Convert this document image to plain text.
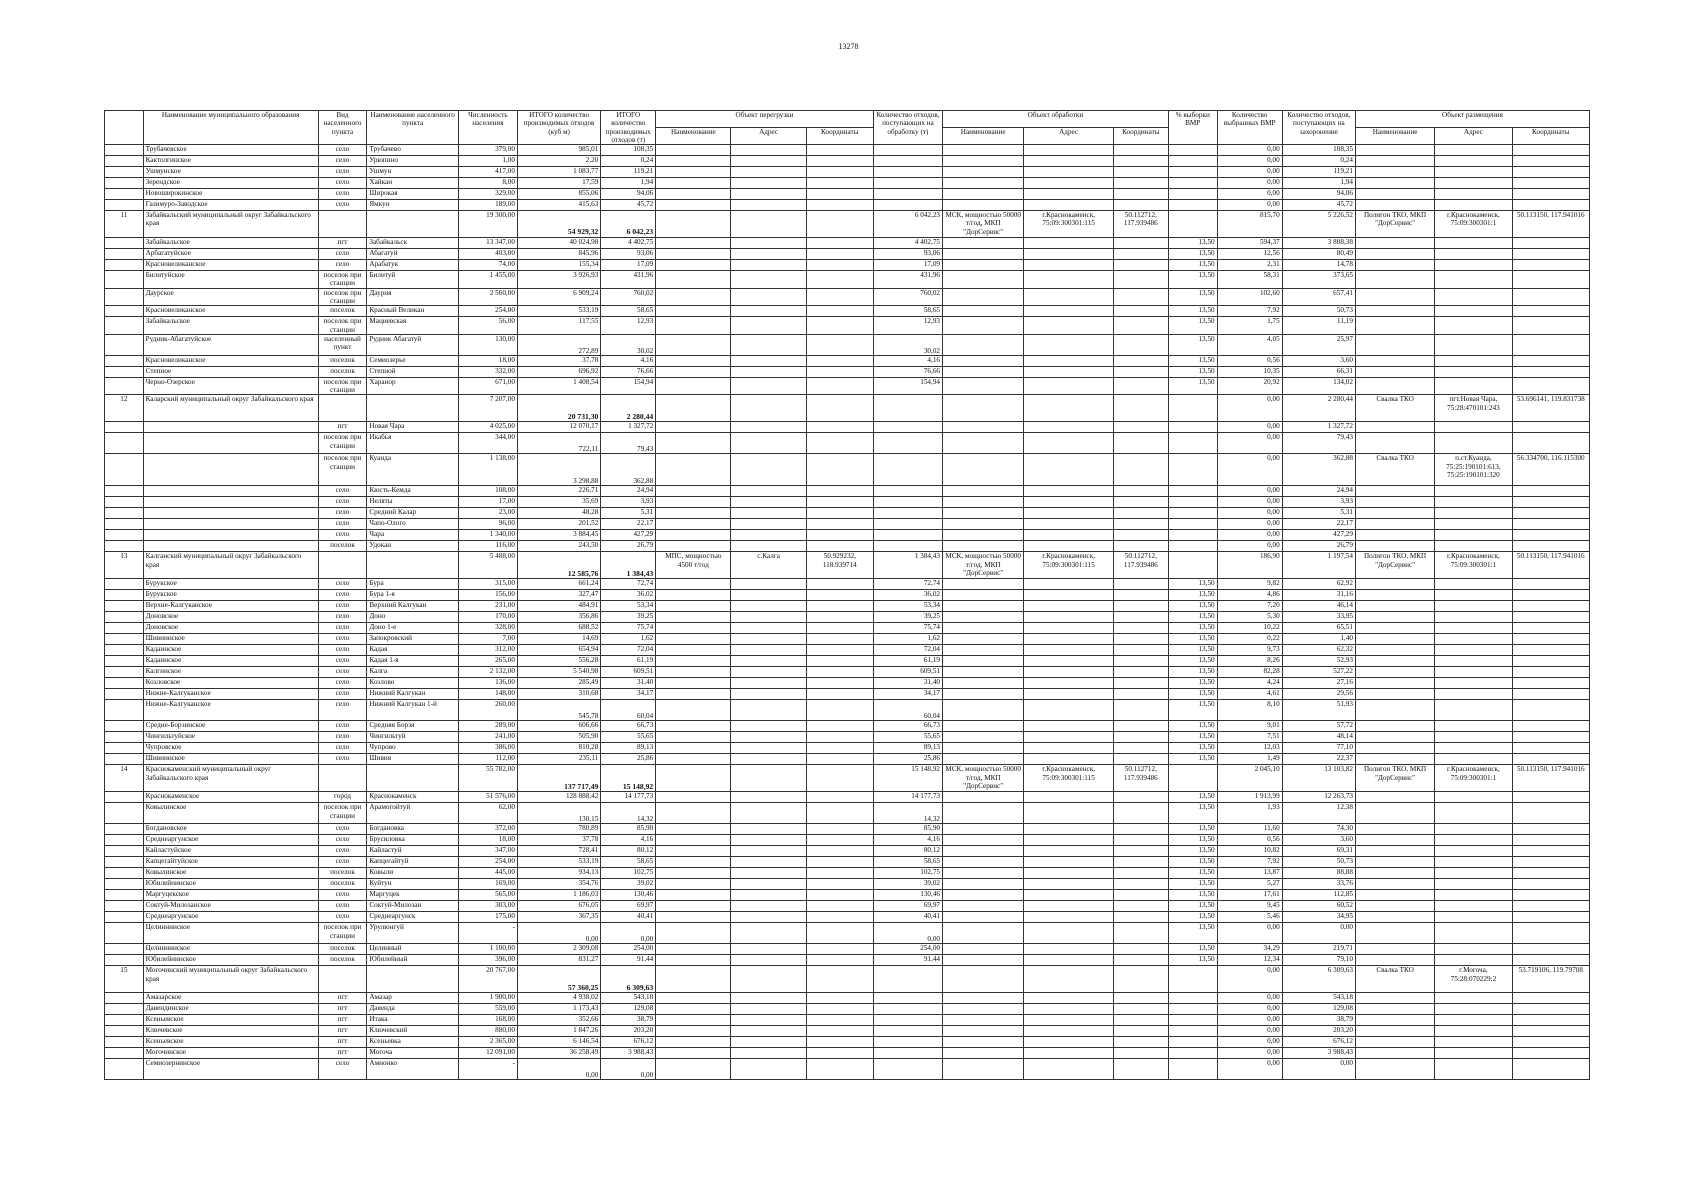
13278
	Наименование муниципального образования	Вид населенного пункта	Наименование населенного пункта	Численность населения	ИТОГО количество производимых отходов (куб м)	ИТОГО количество производимых отходов (т)	Объект перегрузки			Количество отходов, поступающих на обработку (т)	Объект обработки			% выборки ВМР	Количество выбранных ВМР	Количество отходов, поступающих на захоронение	Объект размещения		
							Наименование	Адрес	Координаты		Наименование	Адрес	Координаты				Наименование	Адрес	Координаты
	Трубачевское	село	Трубачево	379,00	985,01	108,35									0,00	108,35			
	Кактолгинское	село	Урюпино	1,00	2,20	0,24									0,00	0,24			
	Ушмунское	село	Ушмун	417,00	1 083,77	119,21									0,00	119,21			
	Зерендское	село	Хайкан	8,00	17,59	1,94									0,00	1,94			
	Новоширокинское	село	Широкая	329,00	855,06	94,06									0,00	94,06			
	Газимуро-Заводское	село	Ямкун	189,00	415,63	45,72									0,00	45,72			
11	Забайкальский муниципальный округ Забайкальского края			19 300,00	54 929,32	6 042,23				6 042,23	МСК, мощностью 50000 т/год, МКП "ДорСервис"	г.Краснокаменск, 75:09:300301:115	50.112712, 117.939486		815,70	5 226,52	Полигон ТКО, МКП "ДорСервис"	г.Краснокаменск, 75:09:300301:1	50.113150, 117.941016
	Забайкальское	пгт	Забайкальск	13 347,00	40 024,98	4 402,75				4 402,75				13,50	594,37	3 808,38			
	Арбагатуйское	село	Абагатуй	403,00	845,96	93,06				93,06				13,50	12,56	80,49			
	Красновеликанское	село	Арабатук	74,00	155,34	17,09				17,09				13,50	2,31	14,78			
	Билитуйское	поселок при станции	Билитуй	1 455,00	3 926,93	431,96				431,96				13,50	58,31	373,65			
	Даурское	поселок при станции	Даурия	2 560,00	6 909,24	760,02				760,02				13,50	102,60	657,41			
	Красновеликанское	поселок	Красный Великан	254,00	533,19	58,65				58,65				13,50	7,92	50,73			
	Забайкальское	поселок при станции	Мациевская	56,00	117,55	12,93				12,93				13,50	1,75	11,19			
	Рудник-Абагатуйское	населенный пункт	Рудник Абагатуй	130,00	272,89	30,02				30,02				13,50	4,05	25,97			
	Красновеликанское	поселок	Семиозерье	18,00	37,78	4,16				4,16				13,50	0,56	3,60			
	Степное	поселок	Степной	332,00	696,92	76,66				76,66				13,50	10,35	66,31			
	Черно-Озерское	поселок при станции	Харанор	671,00	1 408,54	154,94				154,94				13,50	20,92	134,02			
12	Каларский муниципальный округ Забайкальского края			7 207,00	20 731,30	2 280,44									0,00	2 280,44	Свалка ТКО	пгт.Новая Чара, 75:28:470101:243	53.696141, 119.831738
		пгт	Новая Чара	4 025,00	12 070,17	1 327,72									0,00	1 327,72			
		поселок при станции	Икабья	344,00	722,11	79,43									0,00	79,43			
		поселок при станции	Куанда	1 138,00	3 298,88	362,88									0,00	362,88	Свалка ТКО	п.ст.Куанда, 75:25:190101:613, 75:25:190101:320	56.334700, 116.115300
		село	Кюсть-Кемда	108,00	226,71	24,94									0,00	24,94			
		село	Неляты	17,00	35,69	3,93									0,00	3,93			
		село	Средний Калар	23,00	48,28	5,31									0,00	5,31			
		село	Чапо-Олого	96,00	201,52	22,17									0,00	22,17			
		село	Чара	1 340,00	3 884,45	427,29									0,00	427,29			
		поселок	Удокан	116,00	243,50	26,79									0,00	26,79			
13	Калганский муниципальный округ Забайкальского края			5 488,00	12 585,76	1 384,43	МПС, мощностью 4500 т/год	с.Калга	50.929232, 118.939714	1 384,43	МСК, мощностью 50000 т/год, МКП "ДорСервис"	г.Краснокаменск, 75:09:300301:115	50.112712, 117.939486		186,90	1 197,54	Полигон ТКО, МКП "ДорСервис"	г.Краснокаменск, 75:09:300301:1	50.113150, 117.941016
	Бурукское	село	Бура	315,00	661,24	72,74				72,74				13,50	9,82	62,92			
	Бурукское	село	Бура 1-я	156,00	327,47	36,02				36,02				13,50	4,86	31,16			
	Верхне-Калгуканское	село	Верхний Калгукан	231,00	484,91	53,34				53,34				13,50	7,20	46,14			
	Доновское	село	Доно	170,00	356,86	39,25				39,25				13,50	5,30	33,95			
	Доновское	село	Доно 1-е	328,00	688,52	75,74				75,74				13,50	10,22	65,51			
	Шивиинское	село	Запокровский	7,00	14,69	1,62				1,62				13,50	0,22	1,40			
	Кадаинское	село	Кадая	312,00	654,94	72,04				72,04				13,50	9,73	62,32			
	Кадаинское	село	Кадая 1-я	265,00	556,28	61,19				61,19				13,50	8,26	52,93			
	Калгинское	село	Калга	2 132,00	5 540,98	609,51				609,51				13,50	82,28	527,22			
	Козловское	село	Козлово	136,00	285,49	31,40				31,40				13,50	4,24	27,16			
	Нижне-Калгуканское	село	Нижний Калгукан	148,00	310,68	34,17				34,17				13,50	4,61	29,56			
	Нижне-Калгуканское	село	Нижний Калгукан 1-й	260,00	545,78	60,04				60,04				13,50	8,10	51,93			
	Средне-Борзинское	село	Средняя Борзя	289,00	606,66	66,73				66,73				13,50	9,01	57,72			
	Чингильтуйское	село	Чингильтуй	241,00	505,90	55,65				55,65				13,50	7,51	48,14			
	Чупровское	село	Чупрово	386,00	810,28	89,13				89,13				13,50	12,03	77,10			
	Шивиинское	село	Шивия	112,00	235,11	25,86				25,86				13,50	1,49	22,37			
14	Краснокаменский муниципальный округ Забайкальского края			55 782,00	137 717,49	15 148,92				15 148,92	МСК, мощностью 50000 т/год, МКП "ДорСервис"	г.Краснокаменск, 75:09:300301:115	50.112712, 117.939486		2 045,10	13 103,82	Полигон ТКО, МКП "ДорСервис"	г.Краснокаменск, 75:09:300301:1	50.113150, 117.941016
	Краснокаменское	город	Краснокаменск	51 576,00	128 888,42	14 177,73				14 177,73				13,50	1 913,99	12 263,73			
	Ковылинское	поселок при станции	Арамогойтуй	62,00	130,15	14,32				14,32				13,50	1,93	12,38			
	Богдановское	село	Богдановка	372,00	780,89	85,90				85,90				13,50	11,60	74,30			
	Среднеаргунское	село	Брусиловка	18,00	37,78	4,16				4,16				13,50	0,56	3,60			
	Кайластуйское	село	Кайластуй	347,00	728,41	80,12				80,12				13,50	10,82	69,31			
	Капцегайтуйское	село	Капцегайтуй	254,00	533,19	58,65				58,65				13,50	7,92	50,73			
	Ковылинское	поселок	Ковыли	445,00	934,13	102,75				102,75				13,50	13,87	88,88			
	Юбилейнинское	поселок	Куйтун	169,00	354,76	39,02				39,02				13,50	5,27	33,76			
	Маргуцекское	село	Маргуцек	565,00	1 186,03	130,46				130,46				13,50	17,61	112,85			
	Соктуй-Милозанское	село	Соктуй-Милозан	303,00	676,05	69,97				69,97				13,50	9,45	60,52			
	Среднеаргунское	село	Среднеаргунск	175,00	367,35	40,41				40,41				13,50	5,46	34,95			
	Целиннинское	поселок при станции	Урулюнгуй	-	0,00	0,00				0,00				13,50	0,00	0,00			
	Целиннинское	поселок	Целинный	1 100,00	2 309,08	254,00				254,00				13,50	34,29	219,71			
	Юбилейнинское	поселок	Юбилейный	396,00	831,27	91,44				91,44				13,50	12,34	79,10			
15	Могочинский муниципальный округ Забайкальского края			20 767,00	57 360,25	6 309,63									0,00	6 309,63	Свалка ТКО	г.Могоча, 75:28:070229:2	53.719106, 119.79708
	Амазарское	пгт	Амазар	1 900,00	4 938,02	543,18									0,00	543,18			
	Давендинское	пгт	Давенда	559,00	1 173,43	129,08									0,00	129,08			
	Ксеньевское	пгт	Итака	168,00	352,66	38,79									0,00	38,79			
	Ключевское	пгт	Ключевский	880,00	1 847,26	203,20									0,00	203,20			
	Ксеньевское	пгт	Ксеньевка	2 365,00	6 146,54	676,12									0,00	676,12			
	Могочинское	пгт	Могоча	12 091,00	36 258,49	3 988,43									0,00	3 988,43			
	Семиозернинское	село	Амнонко	-	0,00	0,00									0,00	0,00			
